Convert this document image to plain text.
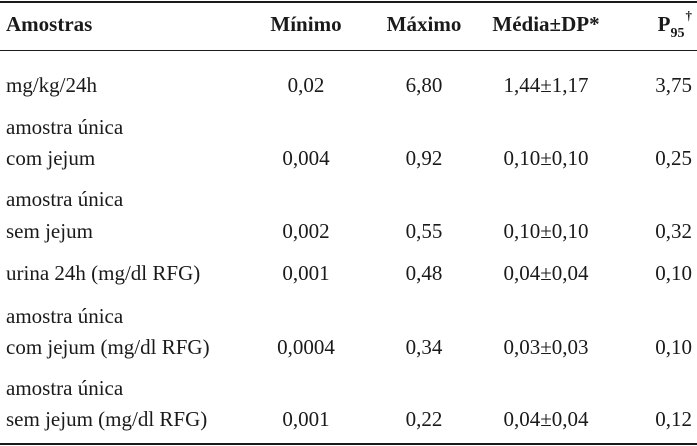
Amostras	Mínimo	Máximo	Média±DP*	$P_{95}^\dagger$
mg/kg/24h	0,02	6,80	1,44±1,17	3,75
amostra única
com jejum	0,004	0,92	0,10±0,10	0,25
amostra única
sem jejum	0,002	0,55	0,10±0,10	0,32
urina 24h (mg/dl RFG)	0,001	0,48	0,04±0,04	0,10
amostra única
com jejum (mg/dl RFG)	0,0004	0,34	0,03±0,03	0,10
amostra única
sem jejum (mg/dl RFG)	0,001	0,22	0,04±0,04	0,12
